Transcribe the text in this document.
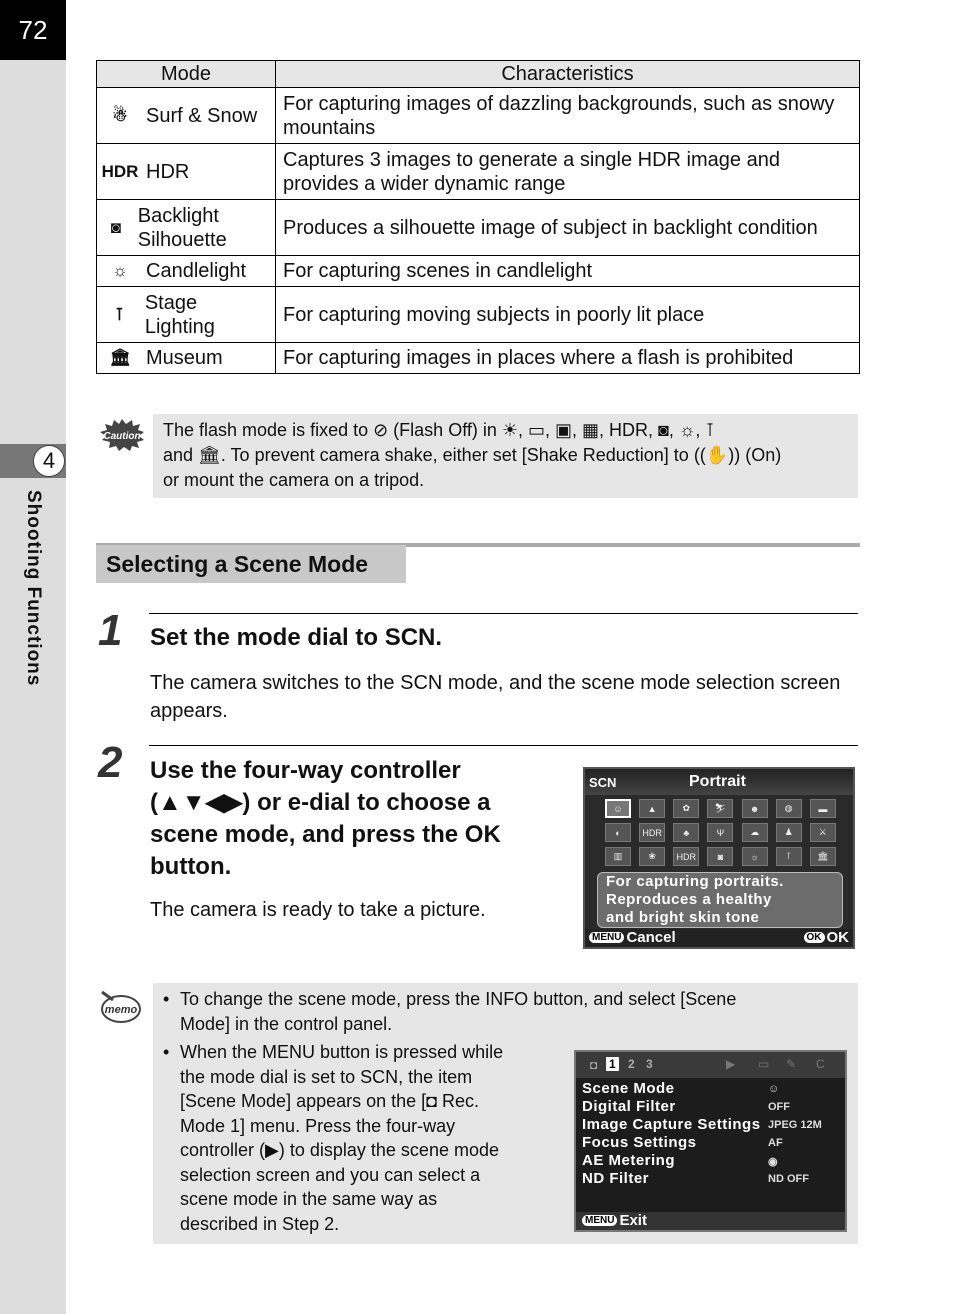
72
4
Shooting Functions
Mode	Characteristics

☃ Surf & Snow	For capturing images of dazzling backgrounds, such as snowy mountains

HDR HDR	Captures 3 images to generate a single HDR image and provides a wider dynamic range

◙
Backlight Silhouette	Produces a silhouette image of subject in backlight condition

☼ Candlelight	For capturing scenes in candlelight

⊺
Stage Lighting	For capturing moving subjects in poorly lit place

🏛 Museum	For capturing images in places where a flash is prohibited
Caution The flash mode is fixed to ⊘ (Flash Off) in ☀, ▭, ▣, ▦, HDR, ◙, ☼, ⊺
and 🏛. To prevent camera shake, either set [Shake Reduction] to ((✋)) (On)
or mount the camera on a tripod.
Selecting a Scene Mode
1 Set the mode dial to SCN.
The camera switches to the SCN mode, and the scene mode selection screen appears.
2 Use the four-way controller
(▲▼◀▶) or e-dial to choose a
scene mode, and press the OK
button.
The camera is ready to take a picture.
SCN	Portrait
☺	▲	✿	⛷	☻	◍	▬
◐	HDR	♣	Ψ	☁	♟	⚔
▥	❀	HDR	◙	☼	⊺	🏛
For capturing portraits.
Reproduces a healthy
and bright skin tone
MENU Cancel	OK OK
memo
• To change the scene mode, press the INFO button, and select [Scene
Mode] in the control panel.
• When the MENU button is pressed while
the mode dial is set to SCN, the item
[Scene Mode] appears on the [◘ Rec.
Mode 1] menu. Press the four-way
controller (▶) to display the scene mode
selection screen and you can select a
scene mode in the same way as
described in Step 2.
◘ 1 2 3	▶ ▭ ✎ C
Scene Mode	☺
Digital Filter	OFF
Image Capture Settings JPEG 12M
Focus Settings	AF
AE Metering	◉
ND Filter	ND OFF
MENU Exit
